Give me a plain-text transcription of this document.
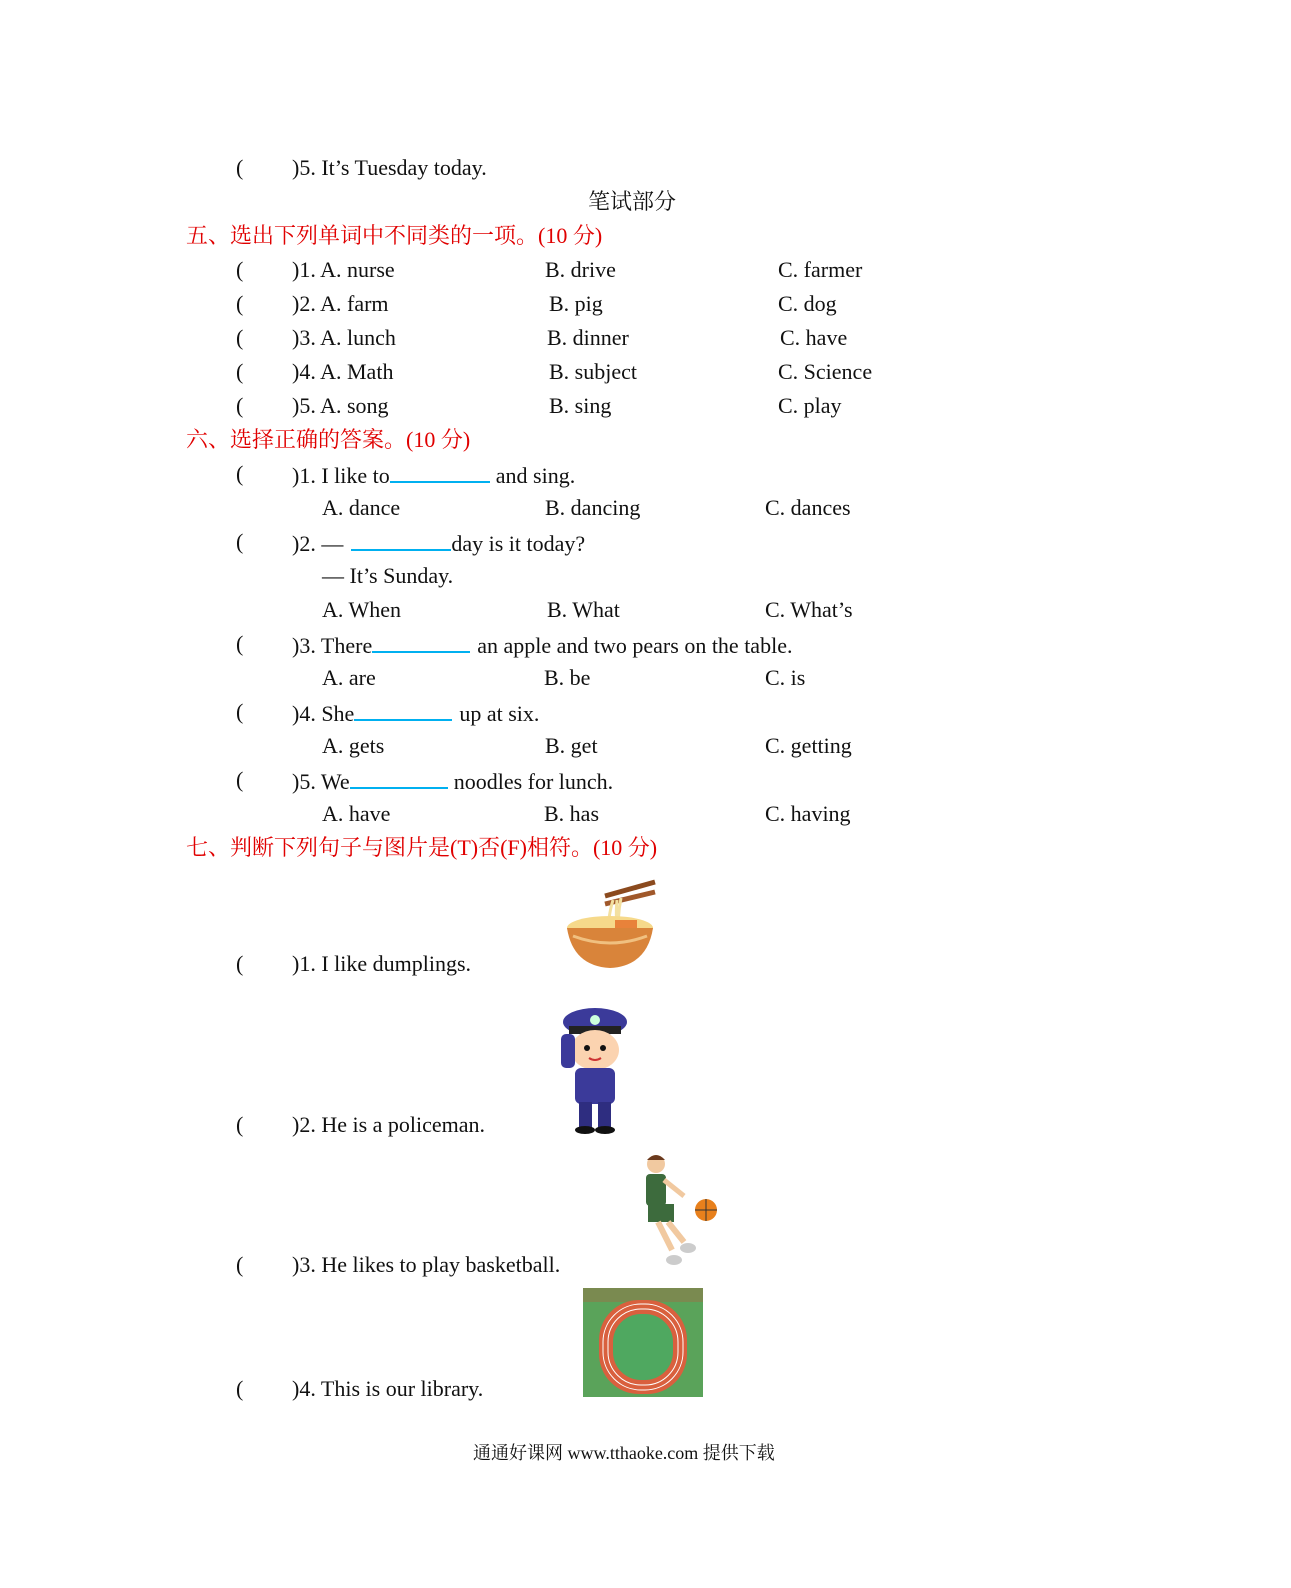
( )5. It’s Tuesday today.
笔试部分
五、选出下列单词中不同类的一项。(10 分)
( )1. A. nurse	B. drive	C. farmer
( )2. A. farm	B. pig	C. dog
( )3. A. lunch	B. dinner	C. have
( )4. A. Math	B. subject	C. Science
( )5. A. song	B. sing	C. play
六、选择正确的答案。(10 分)
( )1. I like to	and sing.
A. dance	B. dancing	C. dances
( )2. —	day is it today?
— It’s Sunday.
A. When	B. What	C. What’s
( )3. There	an apple and two pears on the table.
A. are	B. be	C. is
( )4. She	up at six.
A. gets	B. get	C. getting
( )5. We	noodles for lunch.
A. have	B. has	C. having
七、判断下列句子与图片是(T)否(F)相符。(10 分)
( )1. I like dumplings.
( )2. He is a policeman.
( )3. He likes to play basketball.
( )4. This is our library.
通通好课网 www.tthaoke.com 提供下载
